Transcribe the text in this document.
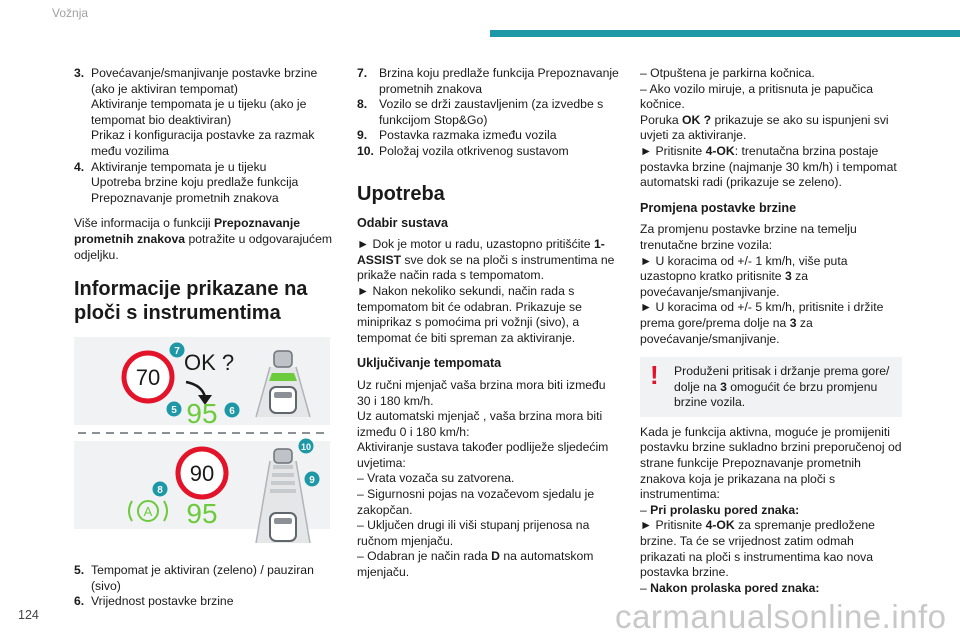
Vožnja
3. Povećavanje/smanjivanje postavke brzine (ako je aktiviran tempomat)

Aktiviranje tempomata je u tijeku (ako je tempomat bio deaktiviran)

Prikaz i konfiguracija postavke za razmak među vozilima

4. Aktiviranje tempomata je u tijeku

Upotreba brzine koju predlaže funkcija Prepoznavanje prometnih znakova

Više informacija o funkciji Prepoznavanje prometnih znakova potražite u odgovarajućem odjeljku.

Informacije prikazane na ploči s instrumentima
70
OK ?
95
7
5	6
90
95
A
8
10
9
5. Tempomat je aktiviran (zeleno) / pauziran (sivo)
6. Vrijednost postavke brzine
7. Brzina koju predlaže funkcija Prepoznavanje prometnih znakova
8. Vozilo se drži zaustavljenim (za izvedbe s funkcijom Stop&Go)
9. Postavka razmaka između vozila
10. Položaj vozila otkrivenog sustavom
Upotreba
Odabir sustava

► Dok je motor u radu, uzastopno pritišćite 1-ASSIST sve dok se na ploči s instrumentima ne prikaže način rada s tempomatom.

► Nakon nekoliko sekundi, način rada s tempomatom bit će odabran. Prikazuje se miniprikaz s pomoćima pri vožnji (sivo), a tempomat će biti spreman za aktiviranje.

Uključivanje tempomata

Uz ručni mjenjač vaša brzina mora biti između 30 i 180 km/h.

Uz automatski mjenjač , vaša brzina mora biti između 0 i 180 km/h:

Aktiviranje sustava također podliježe sljedećim uvjetima:

– Vrata vozača su zatvorena.

– Sigurnosni pojas na vozačevom sjedalu je zakopčan.

– Uključen drugi ili viši stupanj prijenosa na ručnom mjenjaču.

– Odabran je način rada D na automatskom mjenjaču.

– Otpuštena je parkirna kočnica.

– Ako vozilo miruje, a pritisnuta je papučica kočnice.

Poruka OK ? prikazuje se ako su ispunjeni svi uvjeti za aktiviranje.

► Pritisnite 4-OK: trenutačna brzina postaje postavka brzine (najmanje 30 km/h) i tempomat automatski radi (prikazuje se zeleno).

Promjena postavke brzine

Za promjenu postavke brzine na temelju trenutačne brzine vozila:

► U koracima od +/- 1 km/h, više puta uzastopno kratko pritisnite 3 za povećavanje/smanjivanje.

► U koracima od +/- 5 km/h, pritisnite i držite prema gore/prema dolje na 3 za povećavanje/smanjivanje.

! Produženi pritisak i držanje prema gore/ dolje na 3 omogućit će brzu promjenu brzine vozila.

Kada je funkcija aktivna, moguće je promijeniti postavku brzine sukladno brzini preporučenoj od strane funkcije Prepoznavanje prometnih znakova koja je prikazana na ploči s instrumentima:

– Pri prolasku pored znaka:

► Pritisnite 4-OK za spremanje predložene brzine. Ta će se vrijednost zatim odmah prikazati na ploči s instrumentima kao nova postavka brzine.

– Nakon prolaska pored znaka:

124	carmanualsonline.info
